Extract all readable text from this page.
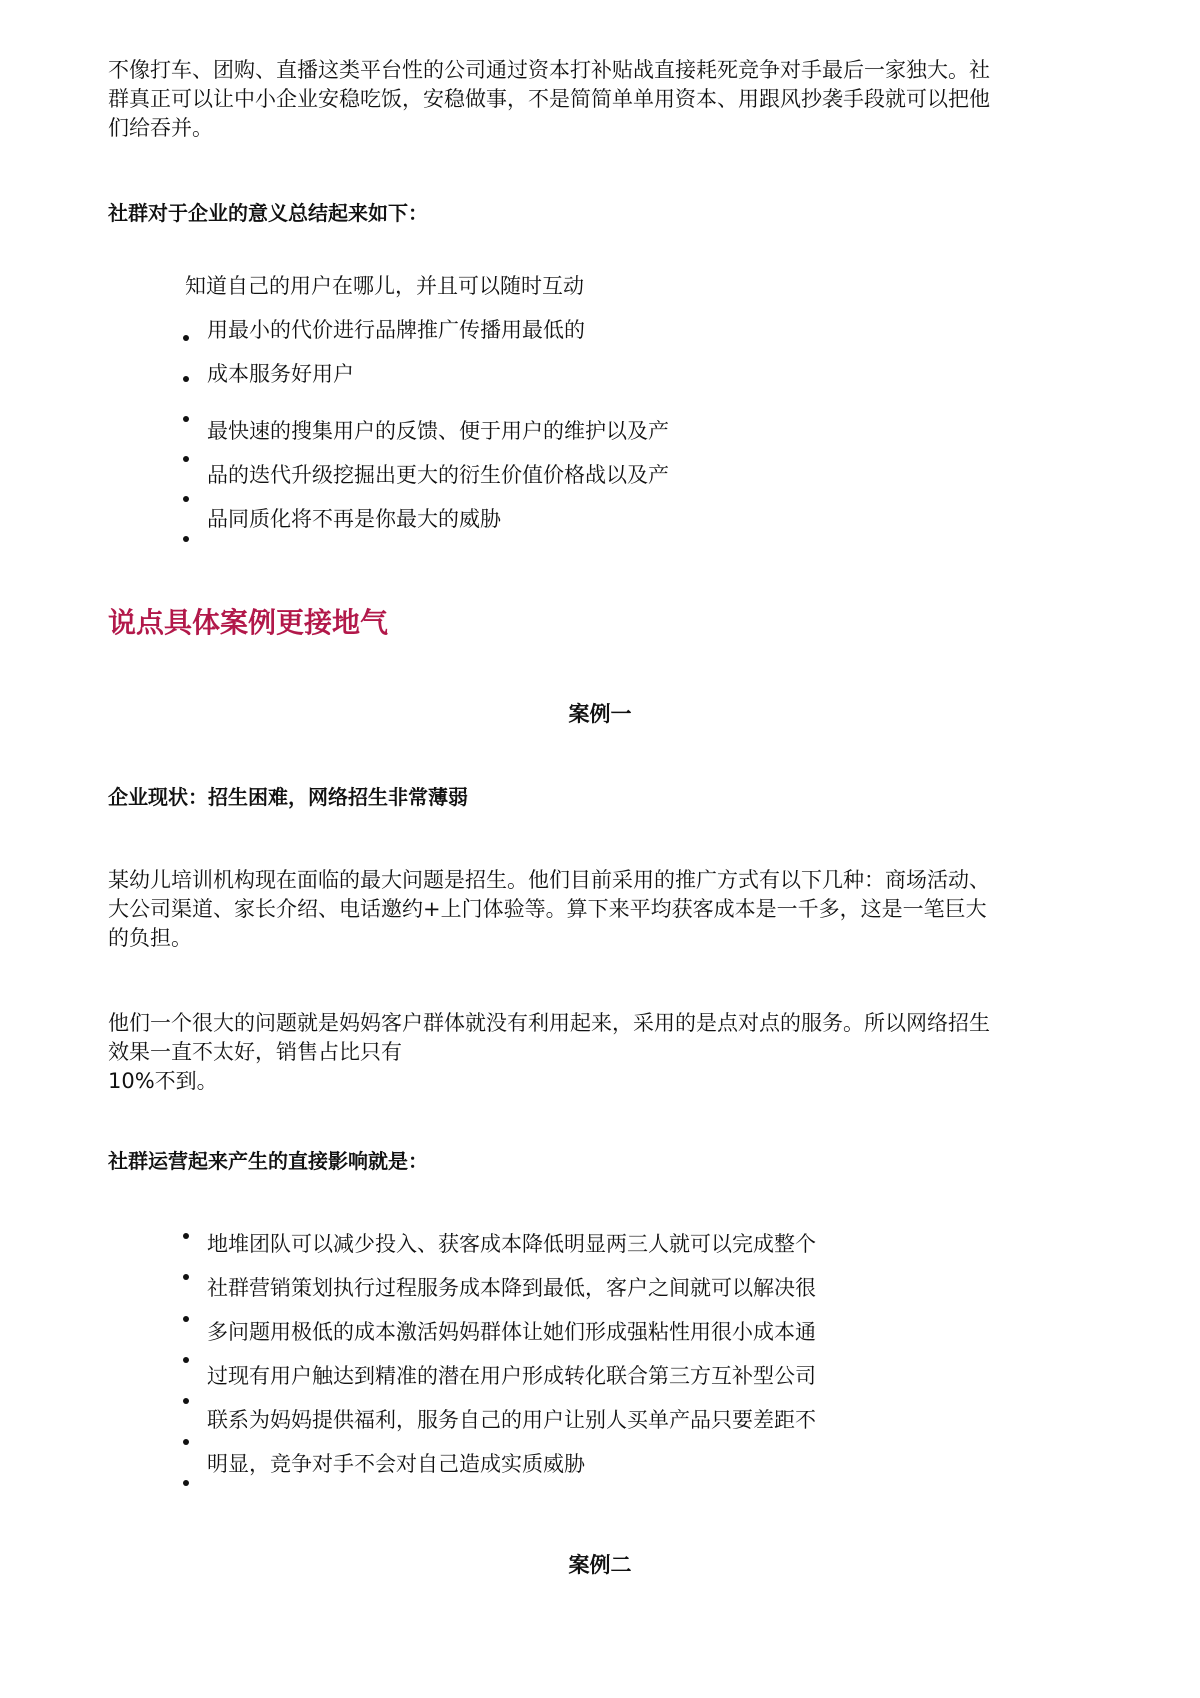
不像打车、团购、直播这类平台性的公司通过资本打补贴战直接耗死竞争对手最后一家独大。社
群真正可以让中小企业安稳吃饭，安稳做事，不是简简单单用资本、用跟风抄袭手段就可以把他
们给吞并。
社群对于企业的意义总结起来如下：
知道自己的用户在哪儿，并且可以随时互动
用最小的代价进行品牌推广传播用最低的
成本服务好用户
最快速的搜集用户的反馈、便于用户的维护以及产
品的迭代升级挖掘出更大的衍生价值价格战以及产
品同质化将不再是你最大的威胁
说点具体案例更接地气
案例一
企业现状：招生困难，网络招生非常薄弱
某幼儿培训机构现在面临的最大问题是招生。他们目前采用的推广方式有以下几种：商场活动、
大公司渠道、家长介绍、电话邀约+上门体验等。算下来平均获客成本是一千多，这是一笔巨大
的负担。
他们一个很大的问题就是妈妈客户群体就没有利用起来，采用的是点对点的服务。所以网络招生
效果一直不太好，销售占比只有
10%不到。
社群运营起来产生的直接影响就是：
地堆团队可以减少投入、获客成本降低明显两三人就可以完成整个
社群营销策划执行过程服务成本降到最低，客户之间就可以解决很
多问题用极低的成本激活妈妈群体让她们形成强粘性用很小成本通
过现有用户触达到精准的潜在用户形成转化联合第三方互补型公司
联系为妈妈提供福利，服务自己的用户让别人买单产品只要差距不
明显，竞争对手不会对自己造成实质威胁
案例二
